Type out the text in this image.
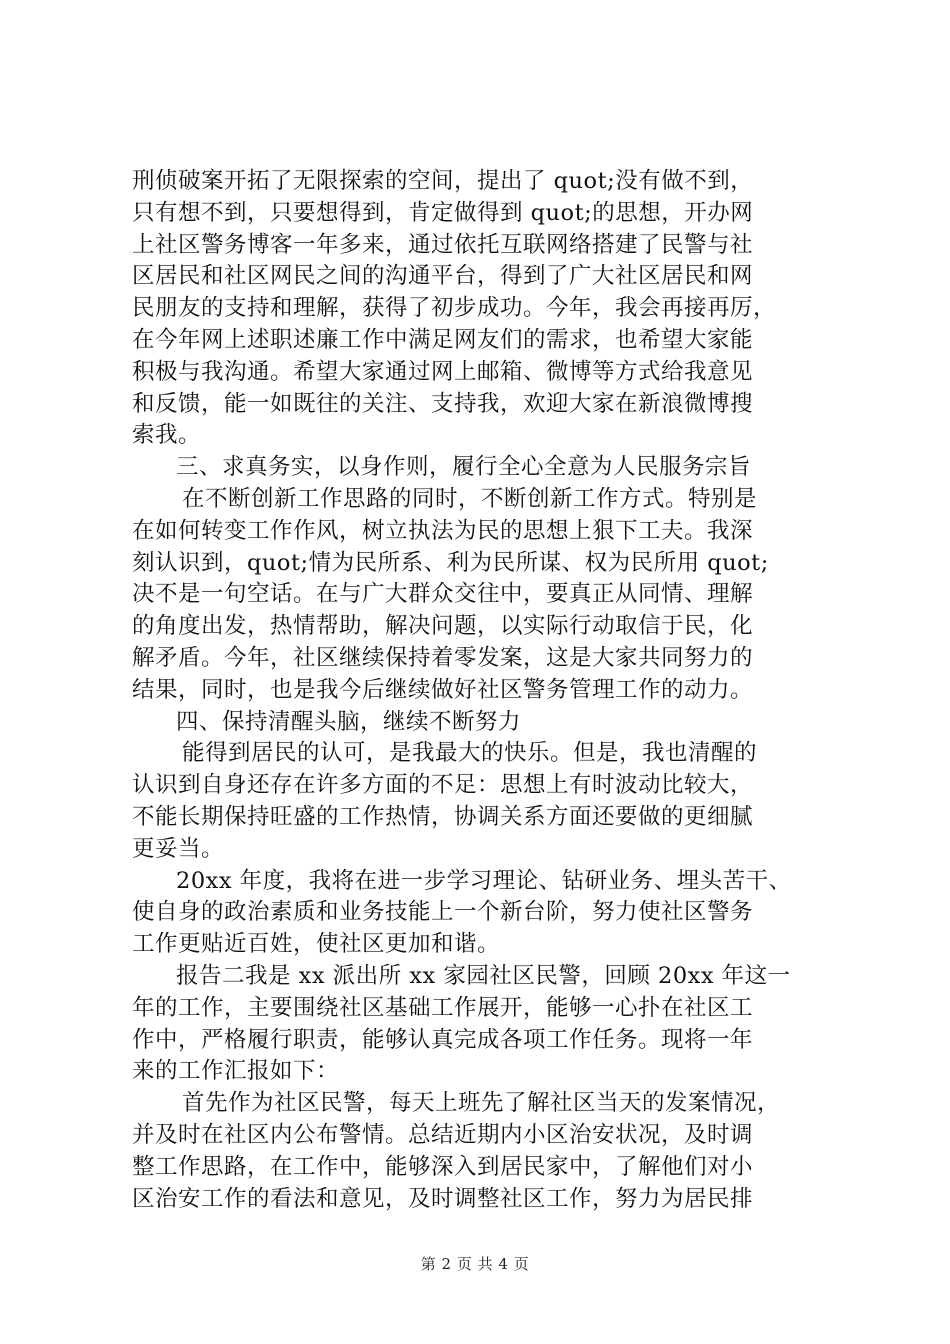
刑侦破案开拓了无限探索的空间，提出了 quot;没有做不到，
只有想不到，只要想得到，肯定做得到 quot;的思想，开办网
上社区警务博客一年多来，通过依托互联网络搭建了民警与社
区居民和社区网民之间的沟通平台，得到了广大社区居民和网
民朋友的支持和理解，获得了初步成功。今年，我会再接再厉，
在今年网上述职述廉工作中满足网友们的需求，也希望大家能
积极与我沟通。希望大家通过网上邮箱、微博等方式给我意见
和反馈，能一如既往的关注、支持我，欢迎大家在新浪微博搜
索我。
三、求真务实，以身作则，履行全心全意为人民服务宗旨
在不断创新工作思路的同时，不断创新工作方式。特别是
在如何转变工作作风，树立执法为民的思想上狠下工夫。我深
刻认识到，quot;情为民所系、利为民所谋、权为民所用 quot;
决不是一句空话。在与广大群众交往中，要真正从同情、理解
的角度出发，热情帮助，解决问题，以实际行动取信于民，化
解矛盾。今年，社区继续保持着零发案，这是大家共同努力的
结果，同时，也是我今后继续做好社区警务管理工作的动力。
四、保持清醒头脑，继续不断努力
能得到居民的认可，是我最大的快乐。但是，我也清醒的
认识到自身还存在许多方面的不足：思想上有时波动比较大，
不能长期保持旺盛的工作热情，协调关系方面还要做的更细腻
更妥当。
20xx 年度，我将在进一步学习理论、钻研业务、埋头苦干、
使自身的政治素质和业务技能上一个新台阶，努力使社区警务
工作更贴近百姓，使社区更加和谐。
报告二我是 xx 派出所 xx 家园社区民警，回顾 20xx 年这一
年的工作，主要围绕社区基础工作展开，能够一心扑在社区工
作中，严格履行职责，能够认真完成各项工作任务。现将一年
来的工作汇报如下：
首先作为社区民警，每天上班先了解社区当天的发案情况，
并及时在社区内公布警情。总结近期内小区治安状况，及时调
整工作思路，在工作中，能够深入到居民家中，了解他们对小
区治安工作的看法和意见，及时调整社区工作，努力为居民排
第 2 页 共 4 页
